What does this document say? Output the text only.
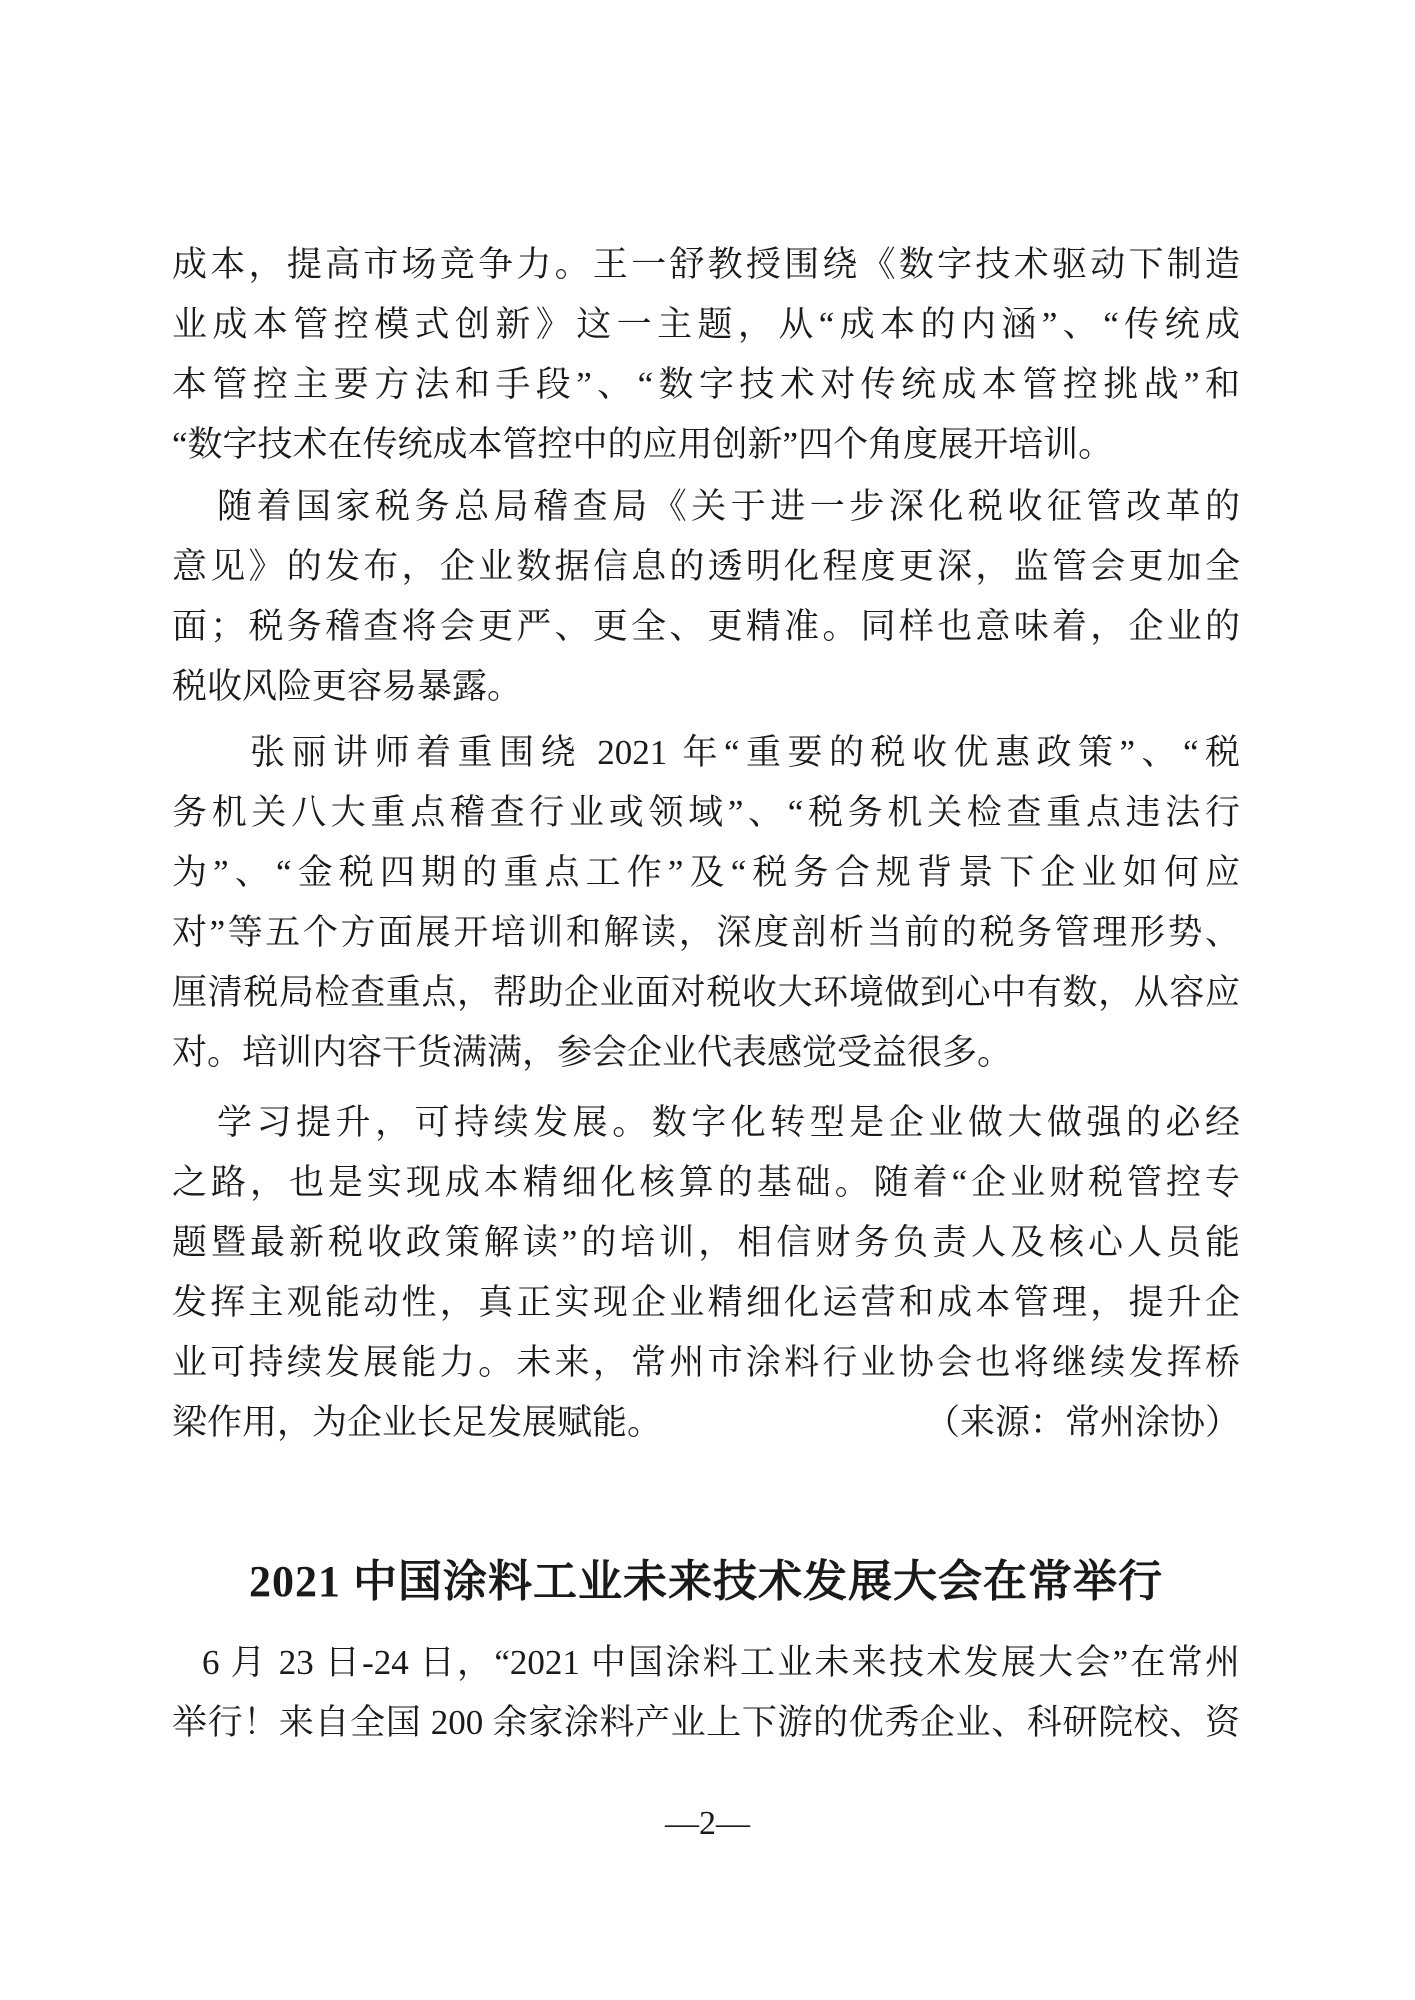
成本，提高市场竞争力。王一舒教授围绕《数字技术驱动下制造
业成本管控模式创新》这一主题，从“成本的内涵”、“传统成
本管控主要方法和手段”、“数字技术对传统成本管控挑战”和
“数字技术在传统成本管控中的应用创新”四个角度展开培训。
随着国家税务总局稽查局《关于进一步深化税收征管改革的
意见》的发布，企业数据信息的透明化程度更深，监管会更加全
面；税务稽查将会更严、更全、更精准。同样也意味着，企业的
税收风险更容易暴露。
张丽讲师着重围绕 2021 年“重要的税收优惠政策”、“税
务机关八大重点稽查行业或领域”、“税务机关检查重点违法行
为”、“金税四期的重点工作”及“税务合规背景下企业如何应
对”等五个方面展开培训和解读，深度剖析当前的税务管理形势、
厘清税局检查重点，帮助企业面对税收大环境做到心中有数，从容应
对。培训内容干货满满，参会企业代表感觉受益很多。
学习提升，可持续发展。数字化转型是企业做大做强的必经
之路，也是实现成本精细化核算的基础。随着“企业财税管控专
题暨最新税收政策解读”的培训，相信财务负责人及核心人员能
发挥主观能动性，真正实现企业精细化运营和成本管理，提升企
业可持续发展能力。未来，常州市涂料行业协会也将继续发挥桥
梁作用，为企业长足发展赋能。	（来源：常州涂协）
2021 中国涂料工业未来技术发展大会在常举行
6 月 23 日-24 日，“2021 中国涂料工业未来技术发展大会”在常州
举行！来自全国 200 余家涂料产业上下游的优秀企业、科研院校、资
—2—
